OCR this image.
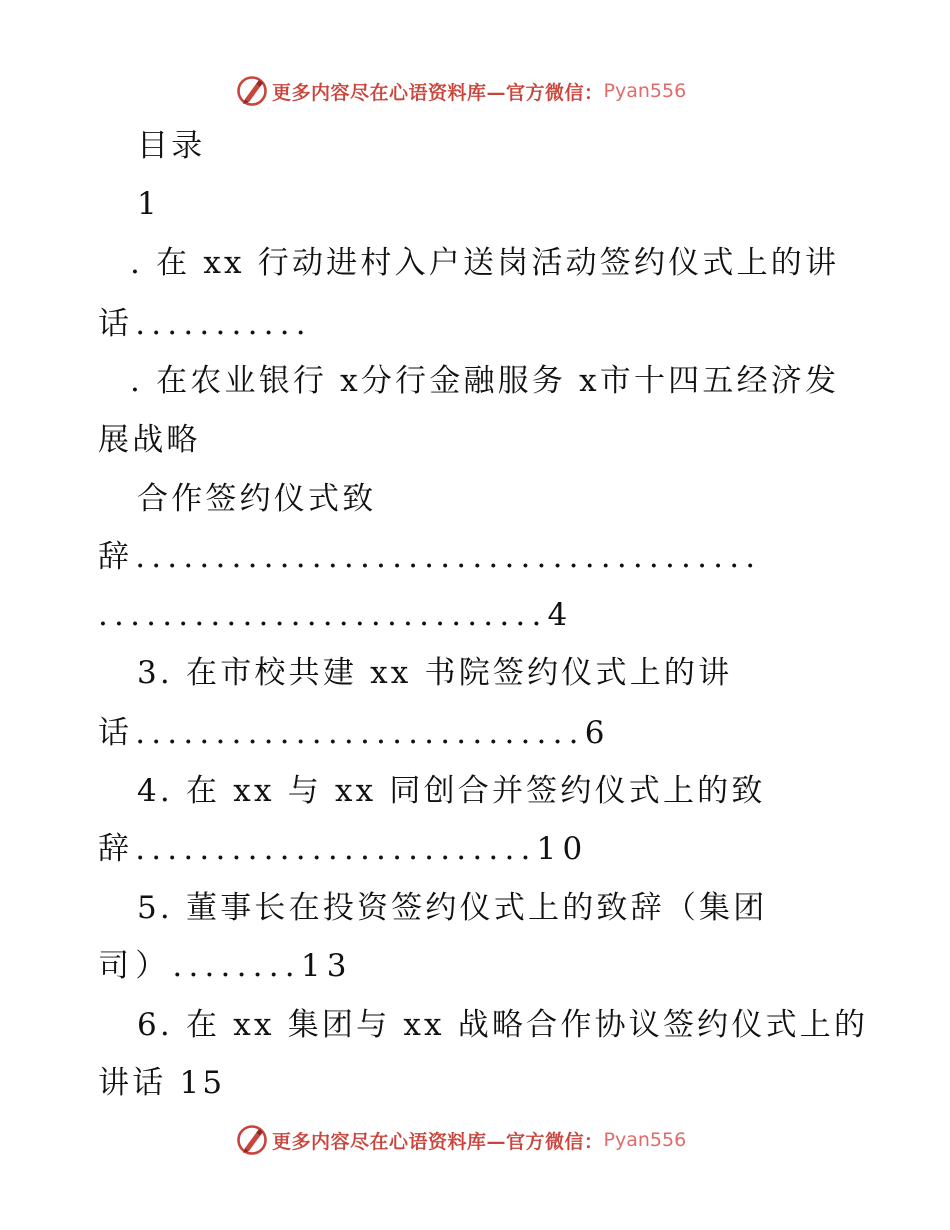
更多内容尽在心语资料库—官方微信： Pyan556
目录
1
. 在 xx 行动进村入户送岗活动签约仪式上的讲
话...........
. 在农业银行 x分行金融服务 x市十四五经济发
展战略
合作签约仪式致
辞.......................................
............................4
3. 在市校共建 xx 书院签约仪式上的讲
话............................6
4. 在 xx 与 xx 同创合并签约仪式上的致
辞.........................10
5. 董事长在投资签约仪式上的致辞（集团
司）........13
6. 在 xx 集团与 xx 战略合作协议签约仪式上的
讲话 15
更多内容尽在心语资料库—官方微信： Pyan556
